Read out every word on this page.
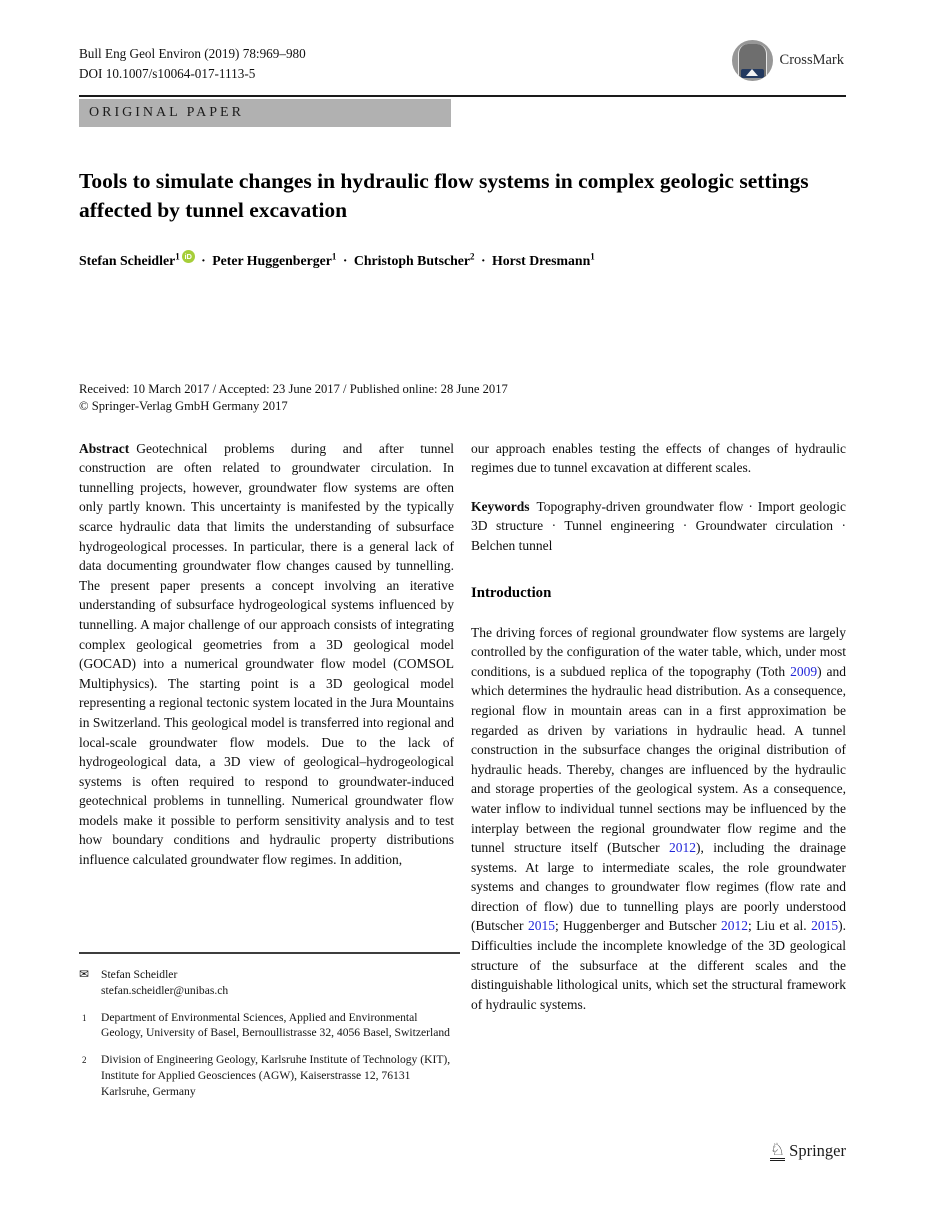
Bull Eng Geol Environ (2019) 78:969–980
DOI 10.1007/s10064-017-1113-5
CrossMark
ORIGINAL PAPER
Tools to simulate changes in hydraulic flow systems in complex geologic settings affected by tunnel excavation
Stefan Scheidler$^1$ iD · Peter Huggenberger$^1$ · Christoph Butscher$^2$ · Horst Dresmann$^1$
Received: 10 March 2017 / Accepted: 23 June 2017 / Published online: 28 June 2017
© Springer-Verlag GmbH Germany 2017

Abstract Geotechnical problems during and after tunnel construction are often related to groundwater circulation. In tunnelling projects, however, groundwater flow systems are often only partly known. This uncertainty is manifested by the typically scarce hydraulic data that limits the understanding of subsurface hydrogeological processes. In particular, there is a general lack of data documenting groundwater flow changes caused by tunnelling. The present paper presents a concept involving an iterative understanding of subsurface hydrogeological systems influenced by tunnelling. A major challenge of our approach consists of integrating complex geological geometries from a 3D geological model (GOCAD) into a numerical groundwater flow model (COMSOL Multiphysics). The starting point is a 3D geological model representing a regional tectonic system located in the Jura Mountains in Switzerland. This geological model is transferred into regional and local-scale groundwater flow models. Due to the lack of hydrogeological data, a 3D view of geological–hydrogeological systems is often required to respond to groundwater-induced geotechnical problems in tunnelling. Numerical groundwater flow models make it possible to perform sensitivity analysis and to test how boundary conditions and hydraulic property distributions influence calculated groundwater flow regimes. In addition,

our approach enables testing the effects of changes of hydraulic regimes due to tunnel excavation at different scales.

Keywords Topography-driven groundwater flow · Import geologic 3D structure · Tunnel engineering · Groundwater circulation · Belchen tunnel

Introduction

The driving forces of regional groundwater flow systems are largely controlled by the configuration of the water table, which, under most conditions, is a subdued replica of the topography (Toth 2009) and which determines the hydraulic head distribution. As a consequence, regional flow in mountain areas can in a first approximation be regarded as driven by variations in hydraulic head. A tunnel construction in the subsurface changes the original distribution of hydraulic heads. Thereby, changes are influenced by the hydraulic and storage properties of the geological system. As a consequence, water inflow to individual tunnel sections may be influenced by the interplay between the regional groundwater flow regime and the tunnel structure itself (Butscher 2012), including the drainage systems. At large to intermediate scales, the role groundwater systems and changes to groundwater flow regimes (flow rate and direction of flow) due to tunnelling plays are poorly understood (Butscher 2015; Huggenberger and Butscher 2012; Liu et al. 2015). Difficulties include the incomplete knowledge of the 3D geological structure of the subsurface at the different scales and the distinguishable lithological units, which set the structural framework of hydraulic systems.

✉	Stefan Scheidler
stefan.scheidler@unibas.ch
1	Department of Environmental Sciences, Applied and Environmental Geology, University of Basel, Bernoullistrasse 32, 4056 Basel, Switzerland
2	Division of Engineering Geology, Karlsruhe Institute of Technology (KIT), Institute for Applied Geosciences (AGW), Kaiserstrasse 12, 76131 Karlsruhe, Germany
♘ Springer
